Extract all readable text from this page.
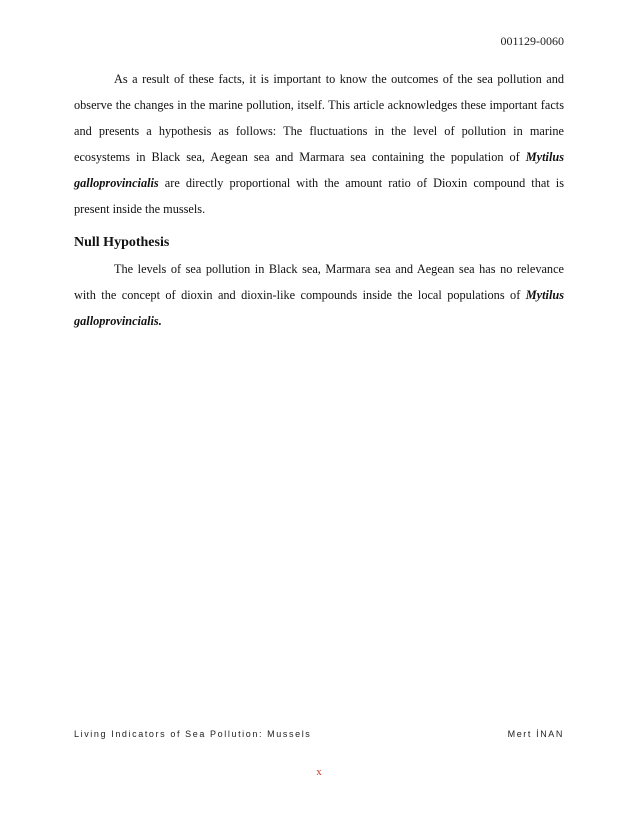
001129-0060

As a result of these facts, it is important to know the outcomes of the sea pollution and observe the changes in the marine pollution, itself. This article acknowledges these important facts and presents a hypothesis as follows: The fluctuations in the level of pollution in marine ecosystems in Black sea, Aegean sea and Marmara sea containing the population of Mytilus galloprovincialis are directly proportional with the amount ratio of Dioxin compound that is present inside the mussels.

Null Hypothesis

The levels of sea pollution in Black sea, Marmara sea and Aegean sea has no relevance with the concept of dioxin and dioxin-like compounds inside the local populations of Mytilus galloprovincialis.

Living Indicators of Sea Pollution: Mussels	Mert İNAN
x
